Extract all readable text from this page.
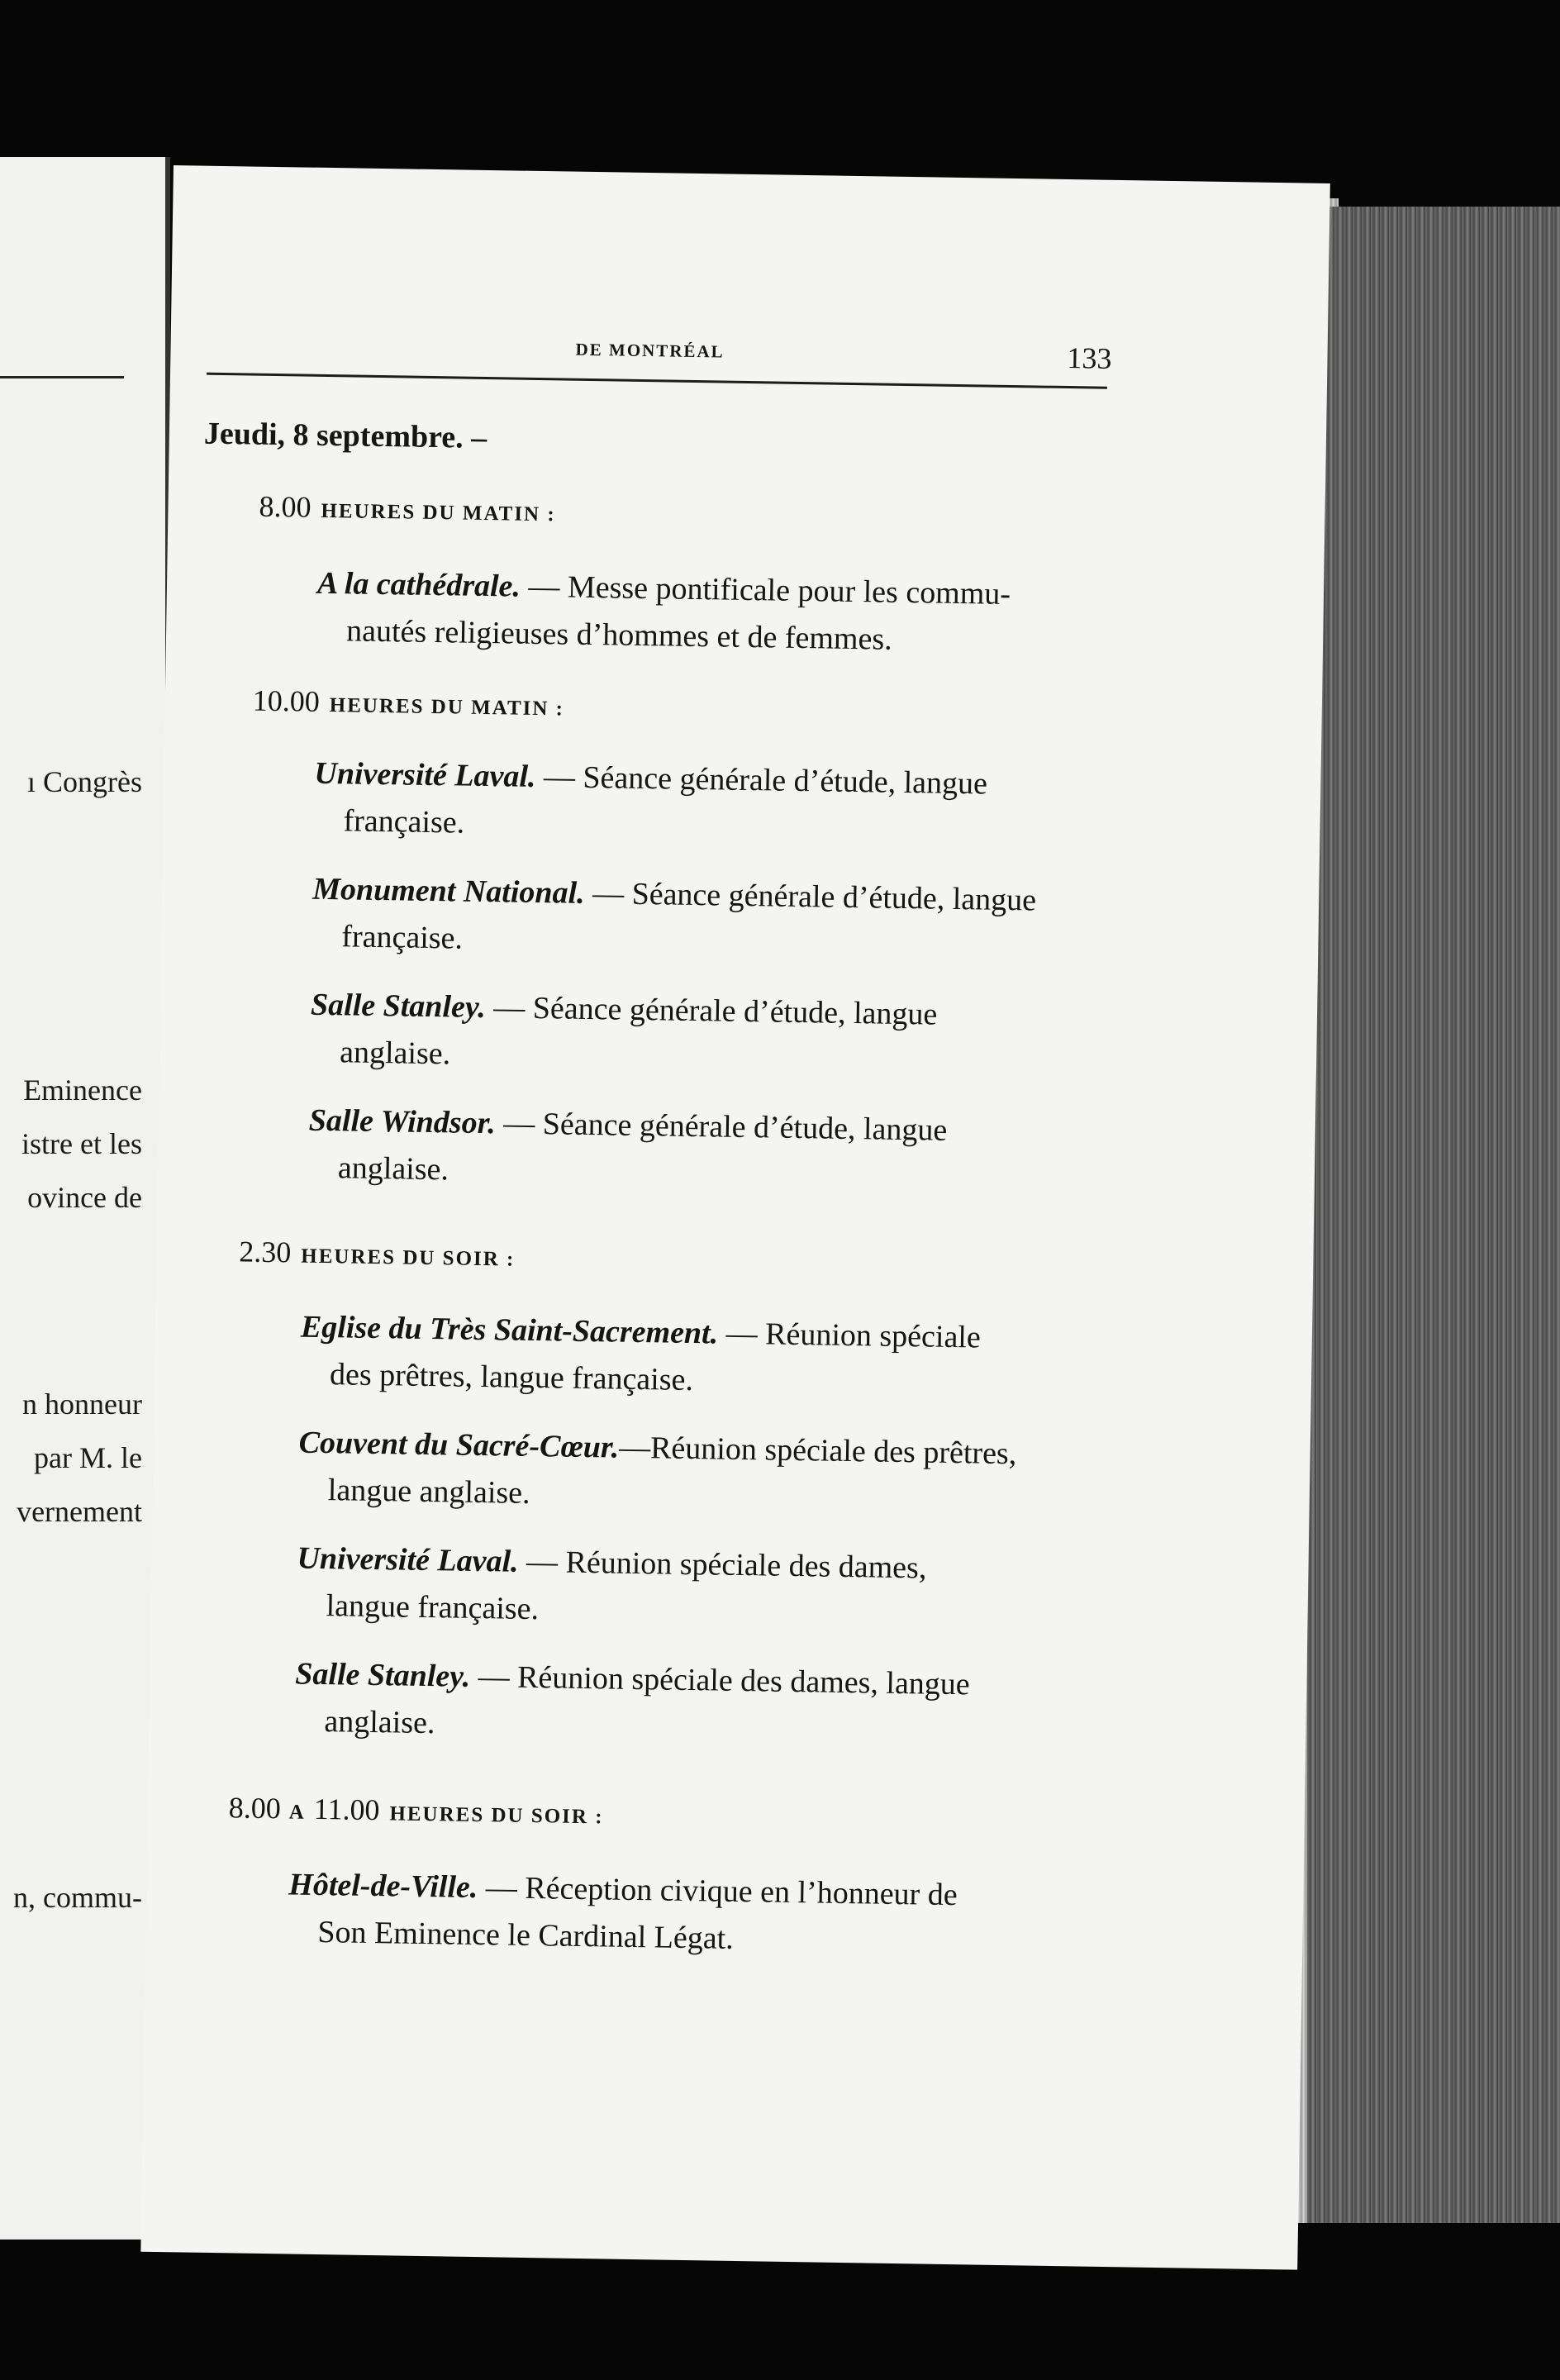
ı Congrès
Eminence
istre et les
ovince de
n honneur
par M. le
vernement
n, commu-
DE MONTRÉAL	133
Jeudi, 8 septembre. –
8.00 HEURES DU MATIN :
A la cathédrale. — Messe pontificale pour les commu-
nautés religieuses d’hommes et de femmes.
10.00 HEURES DU MATIN :
Université Laval. — Séance générale d’étude, langue
française.
Monument National. — Séance générale d’étude, langue
française.
Salle Stanley. — Séance générale d’étude, langue
anglaise.
Salle Windsor. — Séance générale d’étude, langue
anglaise.
2.30 HEURES DU SOIR :
Eglise du Très Saint-Sacrement. — Réunion spéciale
des prêtres, langue française.
Couvent du Sacré-Cœur.—Réunion spéciale des prêtres,
langue anglaise.
Université Laval. — Réunion spéciale des dames,
langue française.
Salle Stanley. — Réunion spéciale des dames, langue
anglaise.
8.00 A 11.00 HEURES DU SOIR :
Hôtel-de-Ville. — Réception civique en l’honneur de
Son Eminence le Cardinal Légat.
